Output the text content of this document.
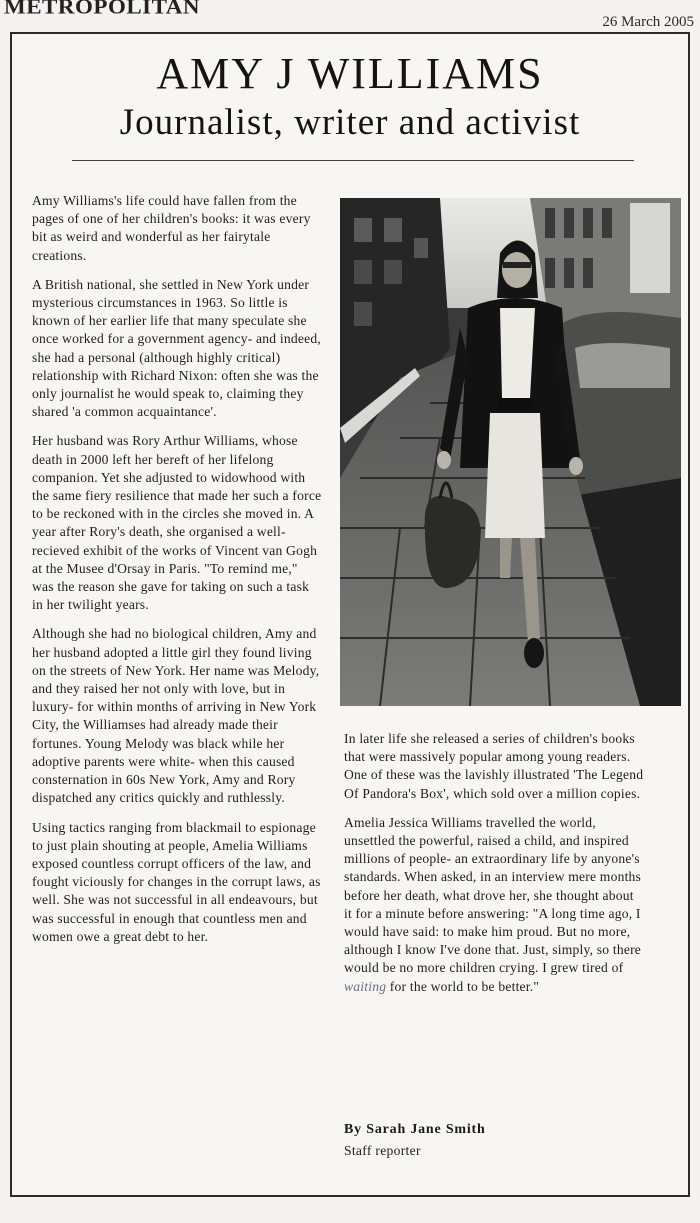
METROPOLITAN
26 March 2005
AMY J WILLIAMS
Journalist, writer and activist

Amy Williams's life could have fallen from the pages of one of her children's books: it was every bit as weird and wonderful as her fairytale creations.

A British national, she settled in New York under mysterious circumstances in 1963. So little is known of her earlier life that many speculate she once worked for a government agency- and indeed, she had a personal (although highly critical) relationship with Richard Nixon: often she was the only journalist he would speak to, claiming they shared 'a common acquaintance'.

Her husband was Rory Arthur Williams, whose death in 2000 left her bereft of her lifelong companion. Yet she adjusted to widowhood with the same fiery resilience that made her such a force to be reckoned with in the circles she moved in. A year after Rory's death, she organised a well-recieved exhibit of the works of Vincent van Gogh at the Musee d'Orsay in Paris. "To remind me," was the reason she gave for taking on such a task in her twilight years.

Although she had no biological children, Amy and her husband adopted a little girl they found living on the streets of New York. Her name was Melody, and they raised her not only with love, but in luxury- for within months of arriving in New York City, the Williamses had already made their fortunes. Young Melody was black while her adoptive parents were white- when this caused consternation in 60s New York, Amy and Rory dispatched any critics quickly and ruthlessly.

Using tactics ranging from blackmail to espionage to just plain shouting at people, Amelia Williams exposed countless corrupt officers of the law, and fought viciously for changes in the corrupt laws, as well. She was not successful in all endeavours, but was successful in enough that countless men and women owe a great debt to her.

In later life she released a series of children's books that were massively popular among young readers. One of these was the lavishly illustrated 'The Legend Of Pandora's Box', which sold over a million copies.

Amelia Jessica Williams travelled the world, unsettled the powerful, raised a child, and inspired millions of people- an extraordinary life by anyone's standards. When asked, in an interview mere months before her death, what drove her, she thought about it for a minute before answering: "A long time ago, I would have said: to make him proud. But no more, although I know I've done that. Just, simply, so there would be no more children crying. I grew tired of waiting for the world to be better."

By Sarah Jane Smith
Staff reporter
